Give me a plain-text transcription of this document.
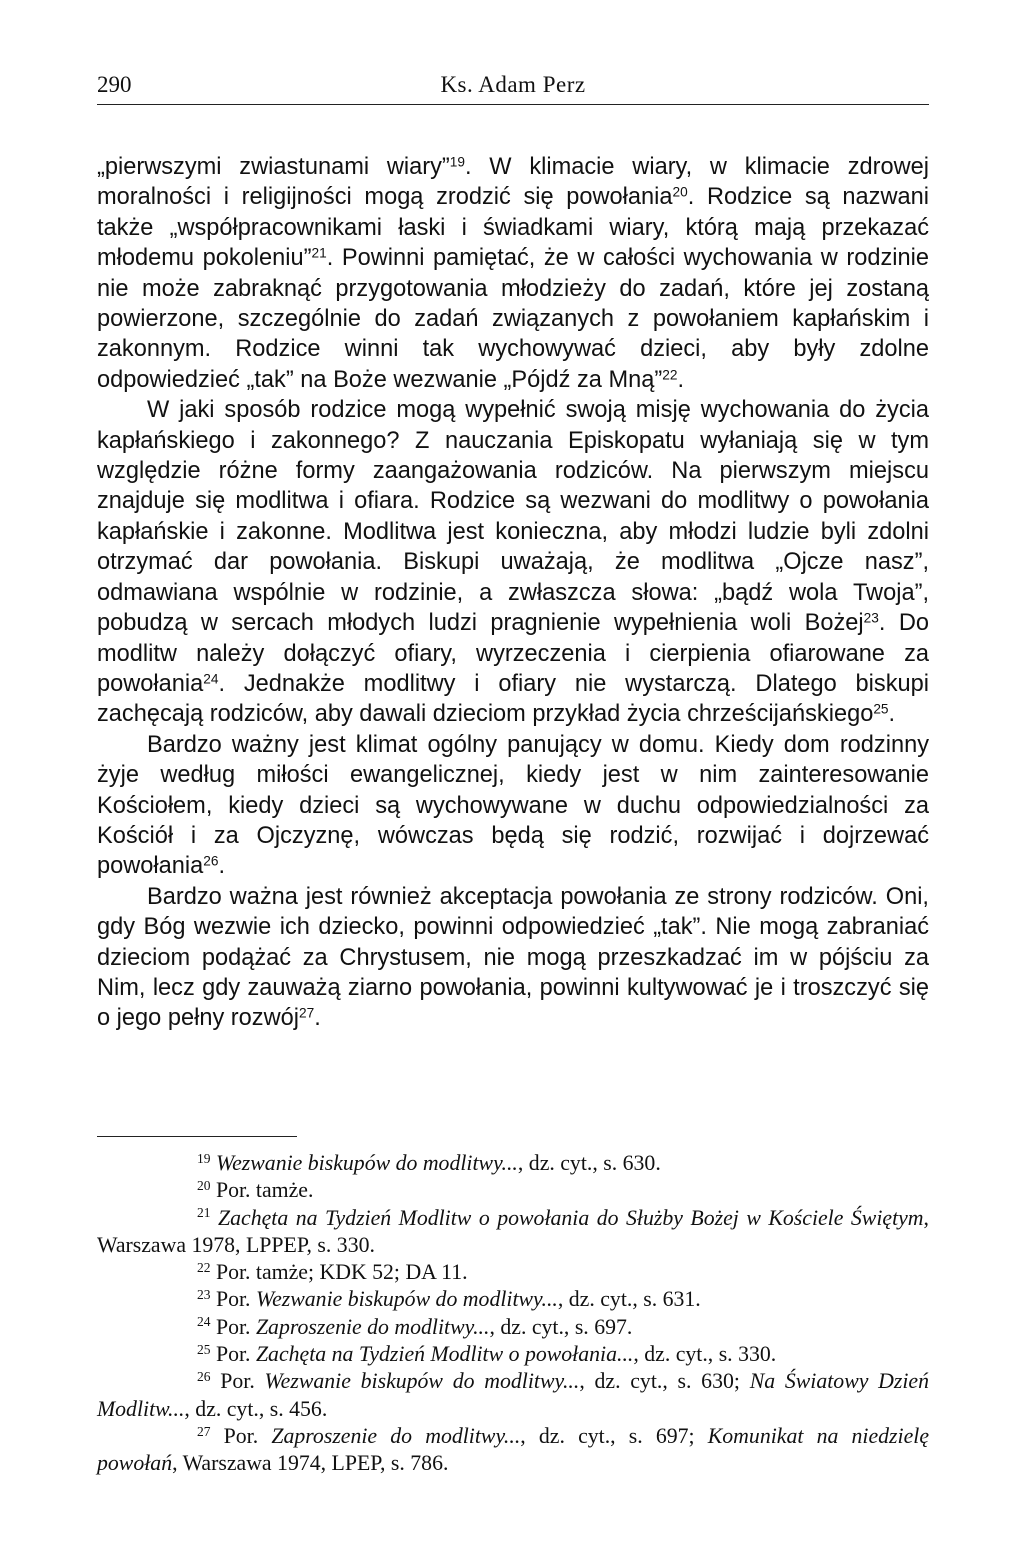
290	Ks. Adam Perz

„pierwszymi zwiastunami wiary”$^{19}$. W klimacie wiary, w klimacie zdrowej moralności i religijności mogą zrodzić się powołania$^{20}$. Rodzice są nazwani także „współpracownikami łaski i świadkami wiary, którą mają przekazać młodemu pokoleniu”$^{21}$. Powinni pamiętać, że w całości wychowania w rodzinie nie może zabraknąć przygotowania młodzieży do zadań, które jej zostaną powierzone, szczególnie do zadań związanych z powołaniem kapłańskim i zakonnym. Rodzice winni tak wychowywać dzieci, aby były zdolne odpowiedzieć „tak” na Boże wezwanie „Pójdź za Mną”$^{22}$.

W jaki sposób rodzice mogą wypełnić swoją misję wychowania do życia kapłańskiego i zakonnego? Z nauczania Episkopatu wyłaniają się w tym względzie różne formy zaangażowania rodziców. Na pierwszym miejscu znajduje się modlitwa i ofiara. Rodzice są wezwani do modlitwy o powołania kapłańskie i zakonne. Modlitwa jest konieczna, aby młodzi ludzie byli zdolni otrzymać dar powołania. Biskupi uważają, że modlitwa „Ojcze nasz”, odmawiana wspólnie w rodzinie, a zwłaszcza słowa: „bądź wola Twoja”, pobudzą w sercach młodych ludzi pragnienie wypełnienia woli Bożej$^{23}$. Do modlitw należy dołączyć ofiary, wyrzeczenia i cierpienia ofiarowane za powołania$^{24}$. Jednakże modlitwy i ofiary nie wystarczą. Dlatego biskupi zachęcają rodziców, aby dawali dzieciom przykład życia chrześcijańskiego$^{25}$.

Bardzo ważny jest klimat ogólny panujący w domu. Kiedy dom rodzinny żyje według miłości ewangelicznej, kiedy jest w nim zainteresowanie Kościołem, kiedy dzieci są wychowywane w duchu odpowiedzialności za Kościół i za Ojczyznę, wówczas będą się rodzić, rozwijać i dojrzewać powołania$^{26}$.

Bardzo ważna jest również akceptacja powołania ze strony rodziców. Oni, gdy Bóg wezwie ich dziecko, powinni odpowiedzieć „tak”. Nie mogą zabraniać dzieciom podążać za Chrystusem, nie mogą przeszkadzać im w pójściu za Nim, lecz gdy zauważą ziarno powołania, powinni kultywować je i troszczyć się o jego pełny rozwój$^{27}$.

19 Wezwanie biskupów do modlitwy..., dz. cyt., s. 630.

20 Por. tamże.

21 Zachęta na Tydzień Modlitw o powołania do Służby Bożej w Kościele Świętym, Warszawa 1978, LPPEP, s. 330.

22 Por. tamże; KDK 52; DA 11.

23 Por. Wezwanie biskupów do modlitwy..., dz. cyt., s. 631.

24 Por. Zaproszenie do modlitwy..., dz. cyt., s. 697.

25 Por. Zachęta na Tydzień Modlitw o powołania..., dz. cyt., s. 330.

26 Por. Wezwanie biskupów do modlitwy..., dz. cyt., s. 630; Na Światowy Dzień Modlitw..., dz. cyt., s. 456.

27 Por. Zaproszenie do modlitwy..., dz. cyt., s. 697; Komunikat na niedzielę powołań, Warszawa 1974, LPEP, s. 786.
